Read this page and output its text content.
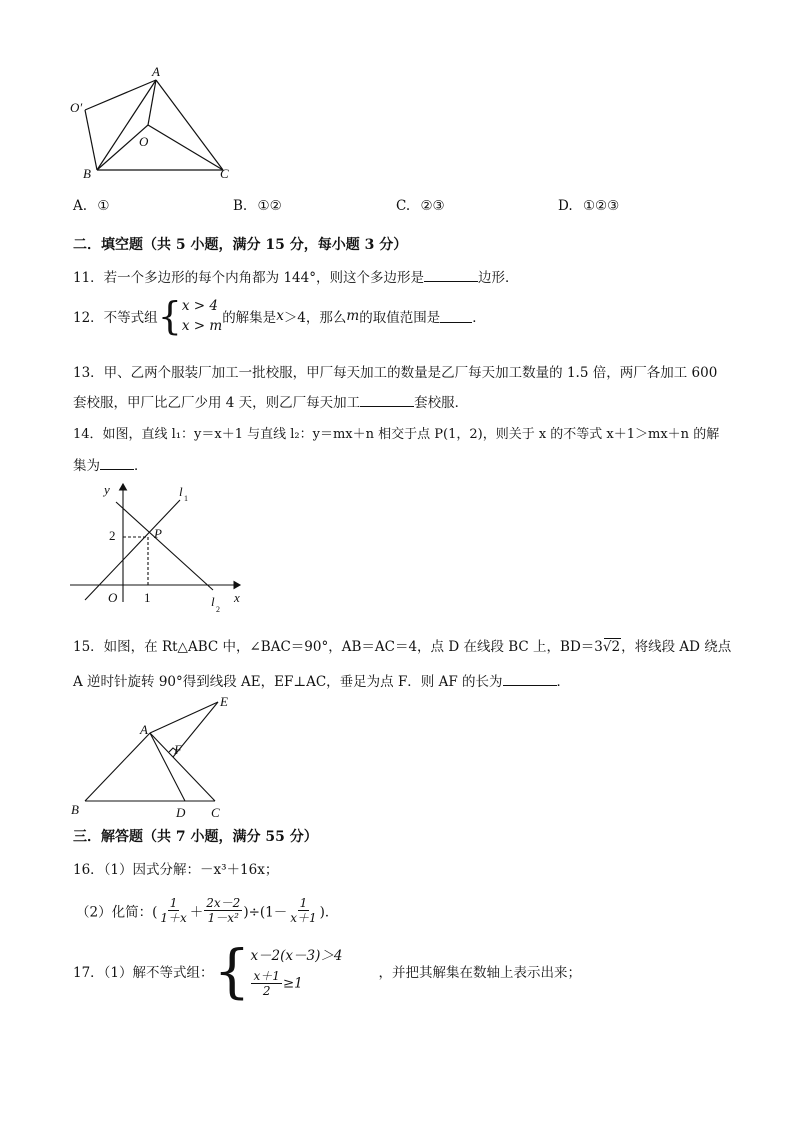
A
O′
O
B	C
A. ①	B. ①②	C. ②③	D. ①②③
二．填空题（共 5 小题，满分 15 分，每小题 3 分）
11．若一个多边形的每个内角都为 144°，则这个多边形是	边形．
12．不等式组{ x > 4
x > m 的解集是x＞4，那么m的取值范围是 ．
13．甲、乙两个服装厂加工一批校服，甲厂每天加工的数量是乙厂每天加工数量的 1.5 倍，两厂各加工 600
套校服，甲厂比乙厂少用 4 天，则乙厂每天加工	套校服．
14．如图，直线 l₁：y＝x＋1 与直线 l₂：y＝mx＋n 相交于点 P(1，2)，则关于 x 的不等式 x＋1＞mx＋n 的解
集为	．
y	l 1
2	P
O 1	l
2
x
15．如图，在 Rt△ABC 中，∠BAC＝90°，AB＝AC＝4，点 D 在线段 BC 上，BD＝3√2，将线段 AD 绕点
A 逆时针旋转 90°得到线段 AE，EF⊥AC，垂足为点 F．则 AF 的长为	．
E
A
F
B	D C
三．解答题（共 7 小题，满分 55 分）
16．（1）因式分解：－x³＋16x；
（2）化简：( $\frac{1}{1+x} + \frac{2x-2}{\text{1－x²}} )\div(1- \frac{1}{x+1}$ )．
17．（1）解不等式组：{ x－2(x－3)＞4
$\frac{x+1}{2} \ge 1$
，并把其解集在数轴上表示出来；
